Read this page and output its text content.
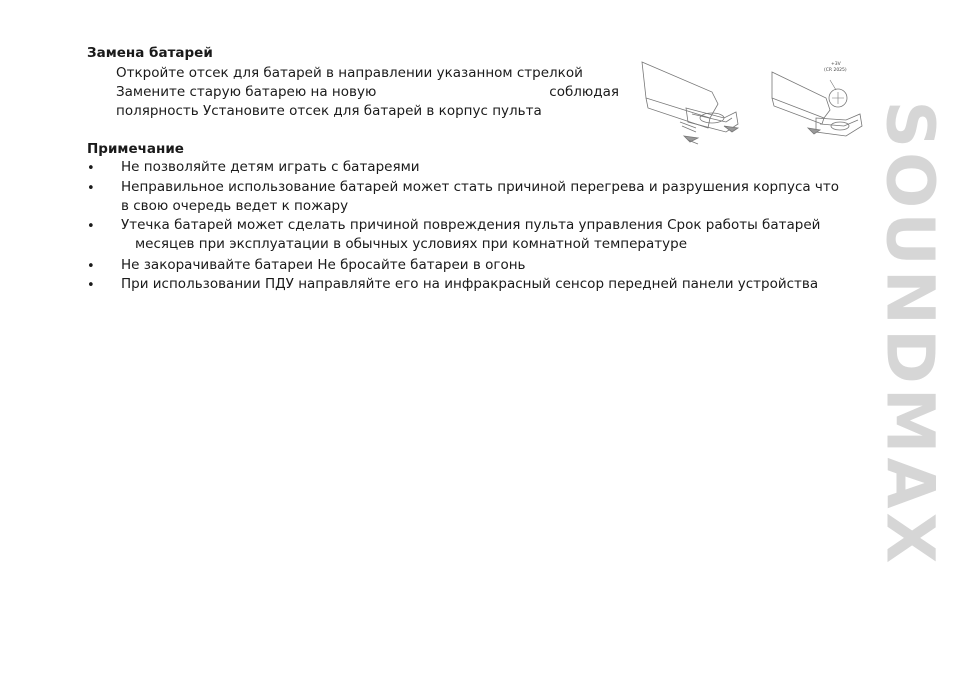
Замена батарей
Откройте отсек для батарей в направлении указанном стрелкой
Замените старую батарею на новую	соблюдая
полярность Установите отсек для батарей в корпус пульта
+3V
(CR 2025)
Примечание
• Не позволяйте детям играть с батареями
• Неправильное использование батарей может стать причиной перегрева и разрушения корпуса что
в свою очередь ведет к пожару
• Утечка батарей может сделать причиной повреждения пульта управления Срок работы батарей
месяцев при эксплуатации в обычных условиях при комнатной температуре
• Не закорачивайте батареи Не бросайте батареи в огонь
• При использовании ПДУ направляйте его на инфракрасный сенсор передней панели устройства SOUNDMAX
